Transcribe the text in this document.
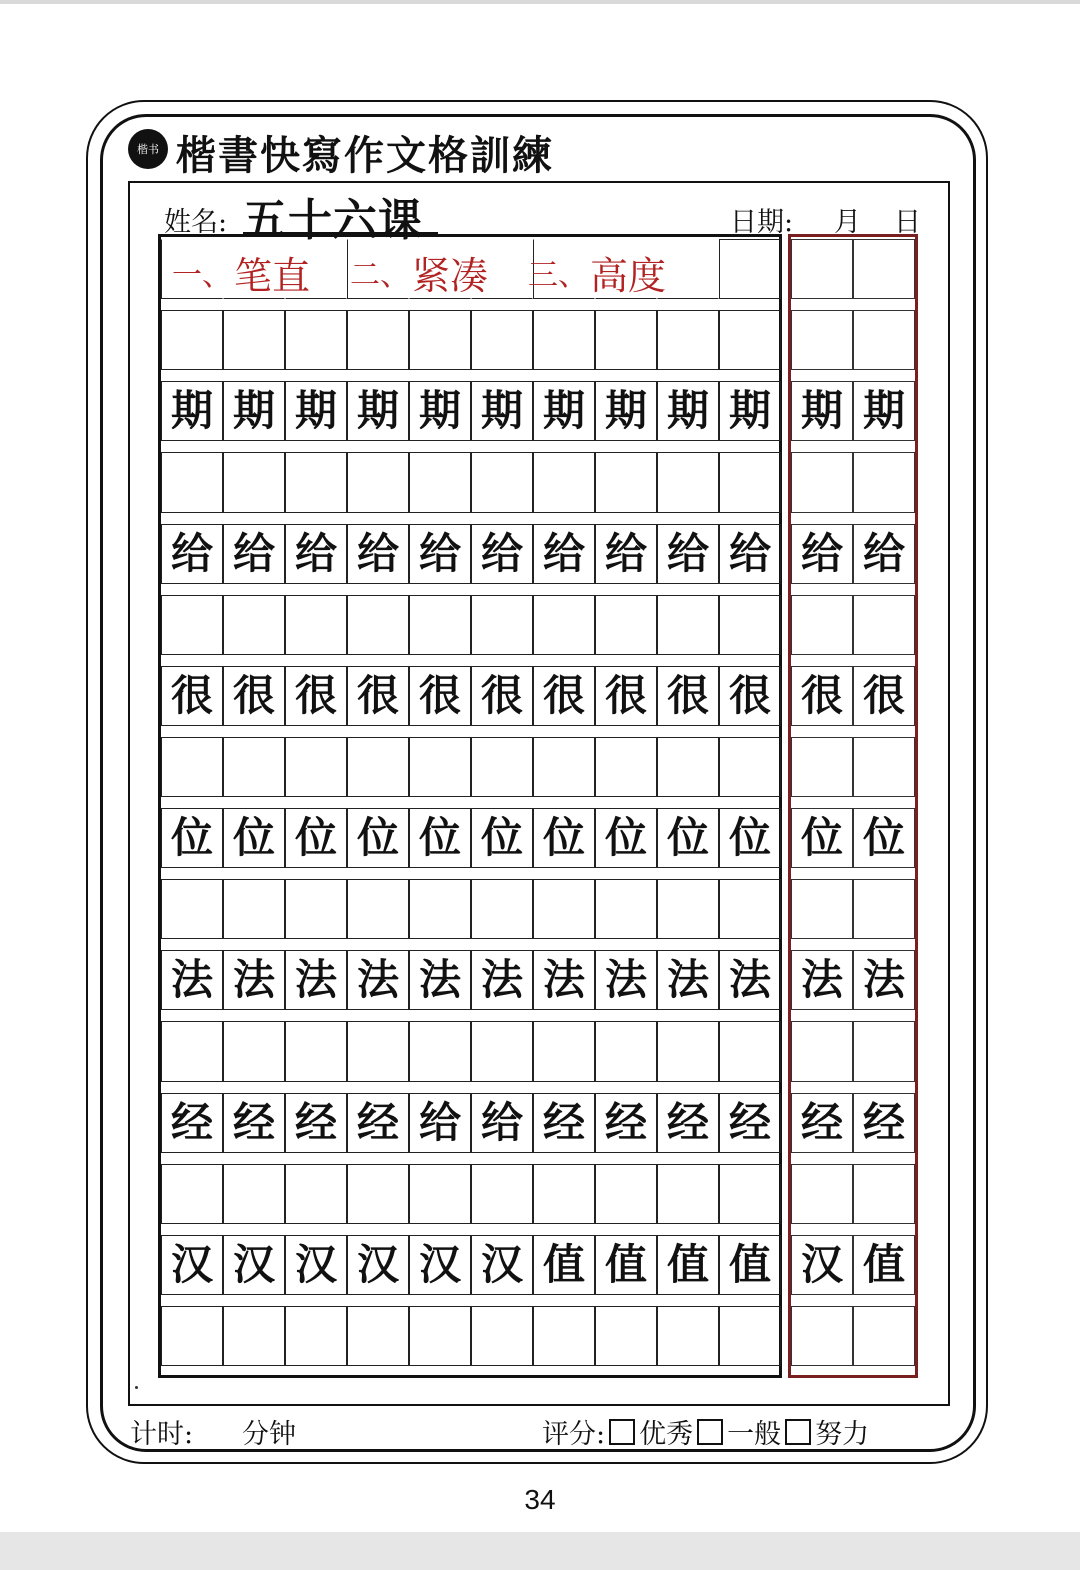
楷书 楷書快寫作文格訓練
姓名: 五十六课	日期: 月 日
期 期 期 期 期 期 期 期 期 期
给 给 给 给 给 给 给 给 给 给
很 很 很 很 很 很 很 很 很 很
位 位 位 位 位 位 位 位 位 位
法 法 法 法 法 法 法 法 法 法
经 经 经 经 给 给 经 经 经 经
汉 汉 汉 汉 汉 汉 值 值 值 值
期 期
给 给
很 很
位 位
法 法
经 经
汉 值
一、 笔直 二、 紧凑 三、 高度
计时: 分钟	评分: 优秀 一般 努力
34
